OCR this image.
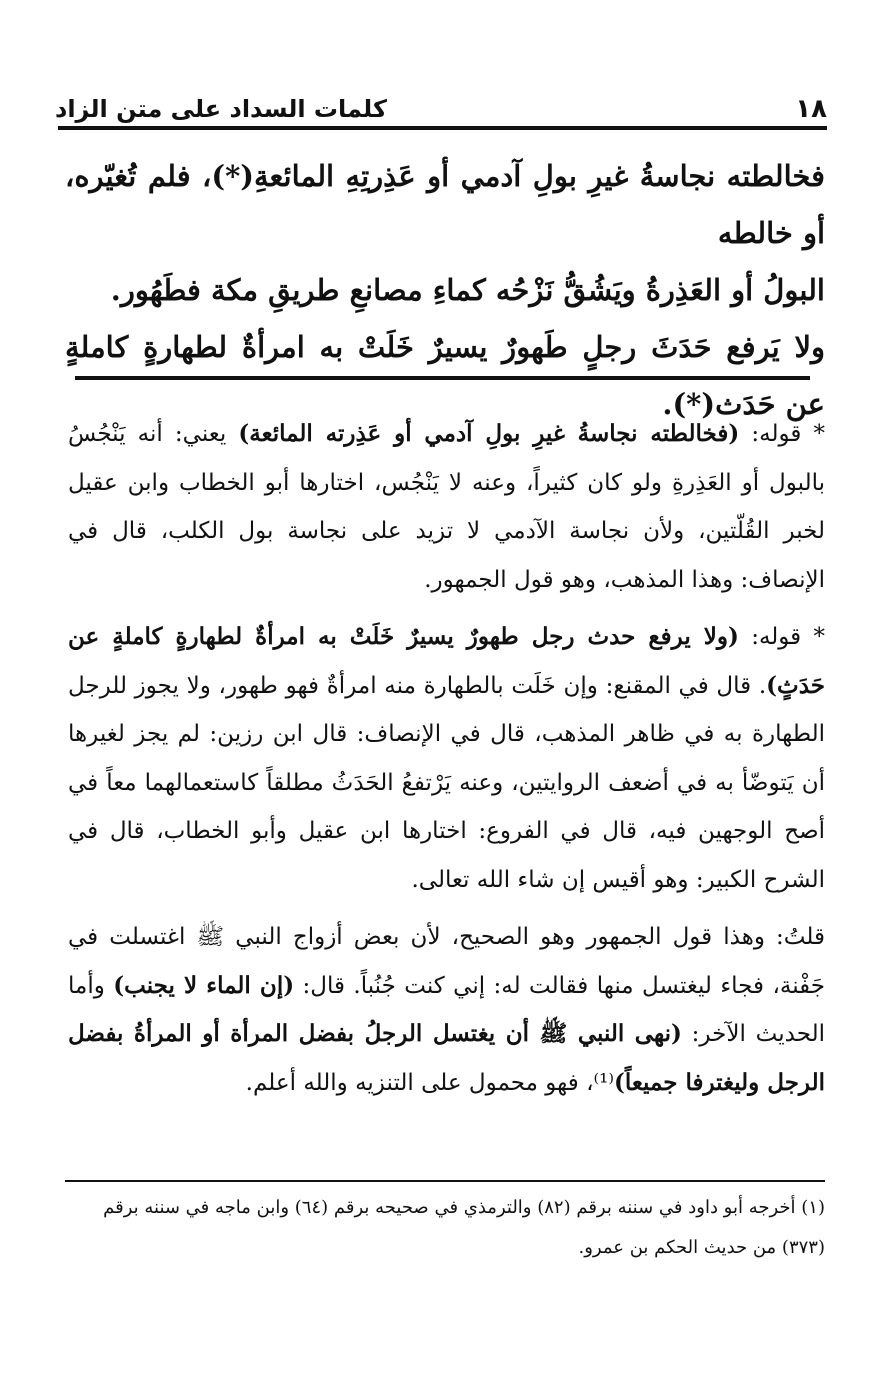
١٨
كلمات السداد على متن الزاد

فخالطته نجاسةُ غيرِ بولِ آدمي أو عَذِرتِهِ المائعةِ(*)، فلم تُغيّره، أو خالطه

البولُ أو العَذِرةُ ويَشُقُّ نَزْحُه كماءِ مصانعِ طريقِ مكة فطَهُور.

ولا يَرفع حَدَثَ رجلٍ طَهورٌ يسيرٌ خَلَتْ به امرأةٌ لطهارةٍ كاملةٍ عن حَدَث(*).

* قوله: (فخالطته نجاسةُ غيرِ بولِ آدمي أو عَذِرته المائعة) يعني: أنه يَنْجُسُ بالبول أو العَذِرةِ ولو كان كثيراً، وعنه لا يَنْجُس، اختارها أبو الخطاب وابن عقيل لخبر القُلّتين، ولأن نجاسة الآدمي لا تزيد على نجاسة بول الكلب، قال في الإنصاف: وهذا المذهب، وهو قول الجمهور.

* قوله: (ولا يرفع حدث رجل طهورٌ يسيرٌ خَلَتْ به امرأةٌ لطهارةٍ كاملةٍ عن حَدَثٍ). قال في المقنع: وإن خَلَت بالطهارة منه امرأةٌ فهو طهور، ولا يجوز للرجل الطهارة به في ظاهر المذهب، قال في الإنصاف: قال ابن رزين: لم يجز لغيرها أن يَتوضّأ به في أضعف الروايتين، وعنه يَرْتفعُ الحَدَثُ مطلقاً كاستعمالهما معاً في أصح الوجهين فيه، قال في الفروع: اختارها ابن عقيل وأبو الخطاب، قال في الشرح الكبير: وهو أقيس إن شاء الله تعالى.

قلتُ: وهذا قول الجمهور وهو الصحيح، لأن بعض أزواج النبي ﷺ اغتسلت في جَفْنة، فجاء ليغتسل منها فقالت له: إني كنت جُنُباً. قال: (إن الماء لا يجنب) وأما الحديث الآخر: (نهى النبي ﷺ أن يغتسل الرجلُ بفضل المرأة أو المرأةُ بفضل الرجل وليغترفا جميعاً)⁽¹⁾، فهو محمول على التنزيه والله أعلم.

(١) أخرجه أبو داود في سننه برقم (٨٢) والترمذي في صحيحه برقم (٦٤) وابن ماجه في سننه برقم

(٣٧٣) من حديث الحكم بن عمرو.
